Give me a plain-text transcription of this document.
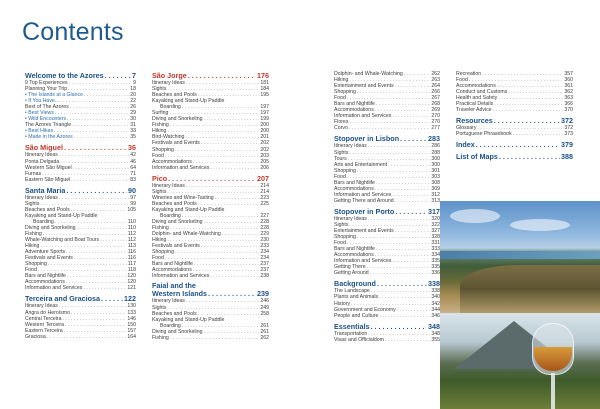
Contents
Welcome to the Azores . . .	7
9 Top Experiences . . .	9
Planning Your Trip . . .	18
• The Islands at a Glance . . .	20
• If You Have... . . .	22
Best of The Azores . . .	26
• Best Views . . .	29
• Wild Encounters . . .	30
The Azores Triangle . . .	31
• Best Hikes . . .	33
• Made in the Azores . . .	35
São Miguel . . .	36
Itinerary Ideas . . .	42
Ponta Delgada . . .	46
Western São Miguel . . .	64
Furnas . . .	71
Eastern São Miguel . . .	83
Santa Maria . . .	90
Itinerary Ideas . . .	97
Sights . . .	99
Beaches and Pools . . .	105
Kayaking and Stand-Up Paddle
Boarding . . .	110
Diving and Snorkeling . . .	110
Fishing . . .	112
Whale-Watching and Boat Tours . . .	112
Hiking . . .	113
Adventure Sports . . .	116
Festivals and Events . . .	116
Shopping . . .	117
Food . . .	118
Bars and Nightlife . . .	120
Accommodations . . .	120
Information and Services . . .	121
Terceira and Graciosa . . .	122
Itinerary Ideas . . .	130
Angra do Heroísmo . . .	133
Central Terceira . . .	146
Western Terceira . . .	150
Eastern Terceira . . .	157
Graciosa . . .	164
São Jorge . . .	176
Itinerary Ideas . . .	181
Sights . . .	184
Beaches and Pools . . .	195
Kayaking and Stand-Up Paddle
Boarding . . .	197
Surfing . . .	197
Diving and Snorkeling . . .	199
Fishing . . .	200
Hiking . . .	200
Bird-Watching . . .	201
Festivals and Events . . .	202
Shopping . . .	202
Food . . .	203
Accommodations . . .	205
Information and Services . . .	206
Pico . . .	207
Itinerary Ideas . . .	214
Sights . . .	214
Wineries and Wine-Tasting . . .	223
Beaches and Pools . . .	225
Kayaking and Stand-Up Paddle
Boarding . . .	227
Diving and Snorkeling . . .	228
Fishing . . .	228
Dolphin- and Whale-Watching . . .	229
Hiking . . .	230
Festivals and Events . . .	233
Shopping . . .	234
Food . . .	234
Bars and Nightlife . . .	237
Accommodations . . .	237
Information and Services . . .	238
Faial and the
Western Islands . . .	239
Itinerary Ideas . . .	246
Sights . . .	249
Beaches and Pools . . .	258
Kayaking and Stand-Up Paddle
Boarding . . .	261
Diving and Snorkeling . . .	261
Fishing . . .	262
Dolphin- and Whale-Watching . . .	262
Hiking . . .	263
Entertainment and Events . . .	264
Shopping . . .	266
Food . . .	267
Bars and Nightlife . . .	268
Accommodations . . .	269
Information and Services . . .	270
Flores . . .	270
Corvo . . .	277
Stopover in Lisbon . . .	283
Itinerary Ideas . . .	286
Sights . . .	288
Tours . . .	300
Arts and Entertainment . . .	300
Shopping . . .	301
Food . . .	303
Bars and Nightlife . . .	308
Accommodations . . .	309
Information and Services . . .	312
Getting There and Around . . .	313
Stopover in Porto . . .	317
Itinerary Ideas . . .	320
Sights . . .	322
Entertainment and Events . . .	327
Shopping . . .	328
Food . . .	331
Bars and Nightlife . . .	333
Accommodations . . .	334
Information and Services . . .	335
Getting There . . .	335
Getting Around . . .	336
Background . . .	338
The Landscape . . .	338
Plants and Animals . . .	340
History . . .	342
Government and Economy . . .	344
People and Culture . . .	346
Essentials . . .	348
Transportation . . .	348
Visas and Officialdom . . .	355
Recreation . . .	357
Food . . .	360
Accommodations . . .	361
Conduct and Customs . . .	362
Health and Safety . . .	363
Practical Details . . .	366
Traveler Advice . . .	370
Resources . . .	372
Glossary . . .	372
Portuguese Phrasebook . . .	373
Index . . .	379
List of Maps . . .	388
